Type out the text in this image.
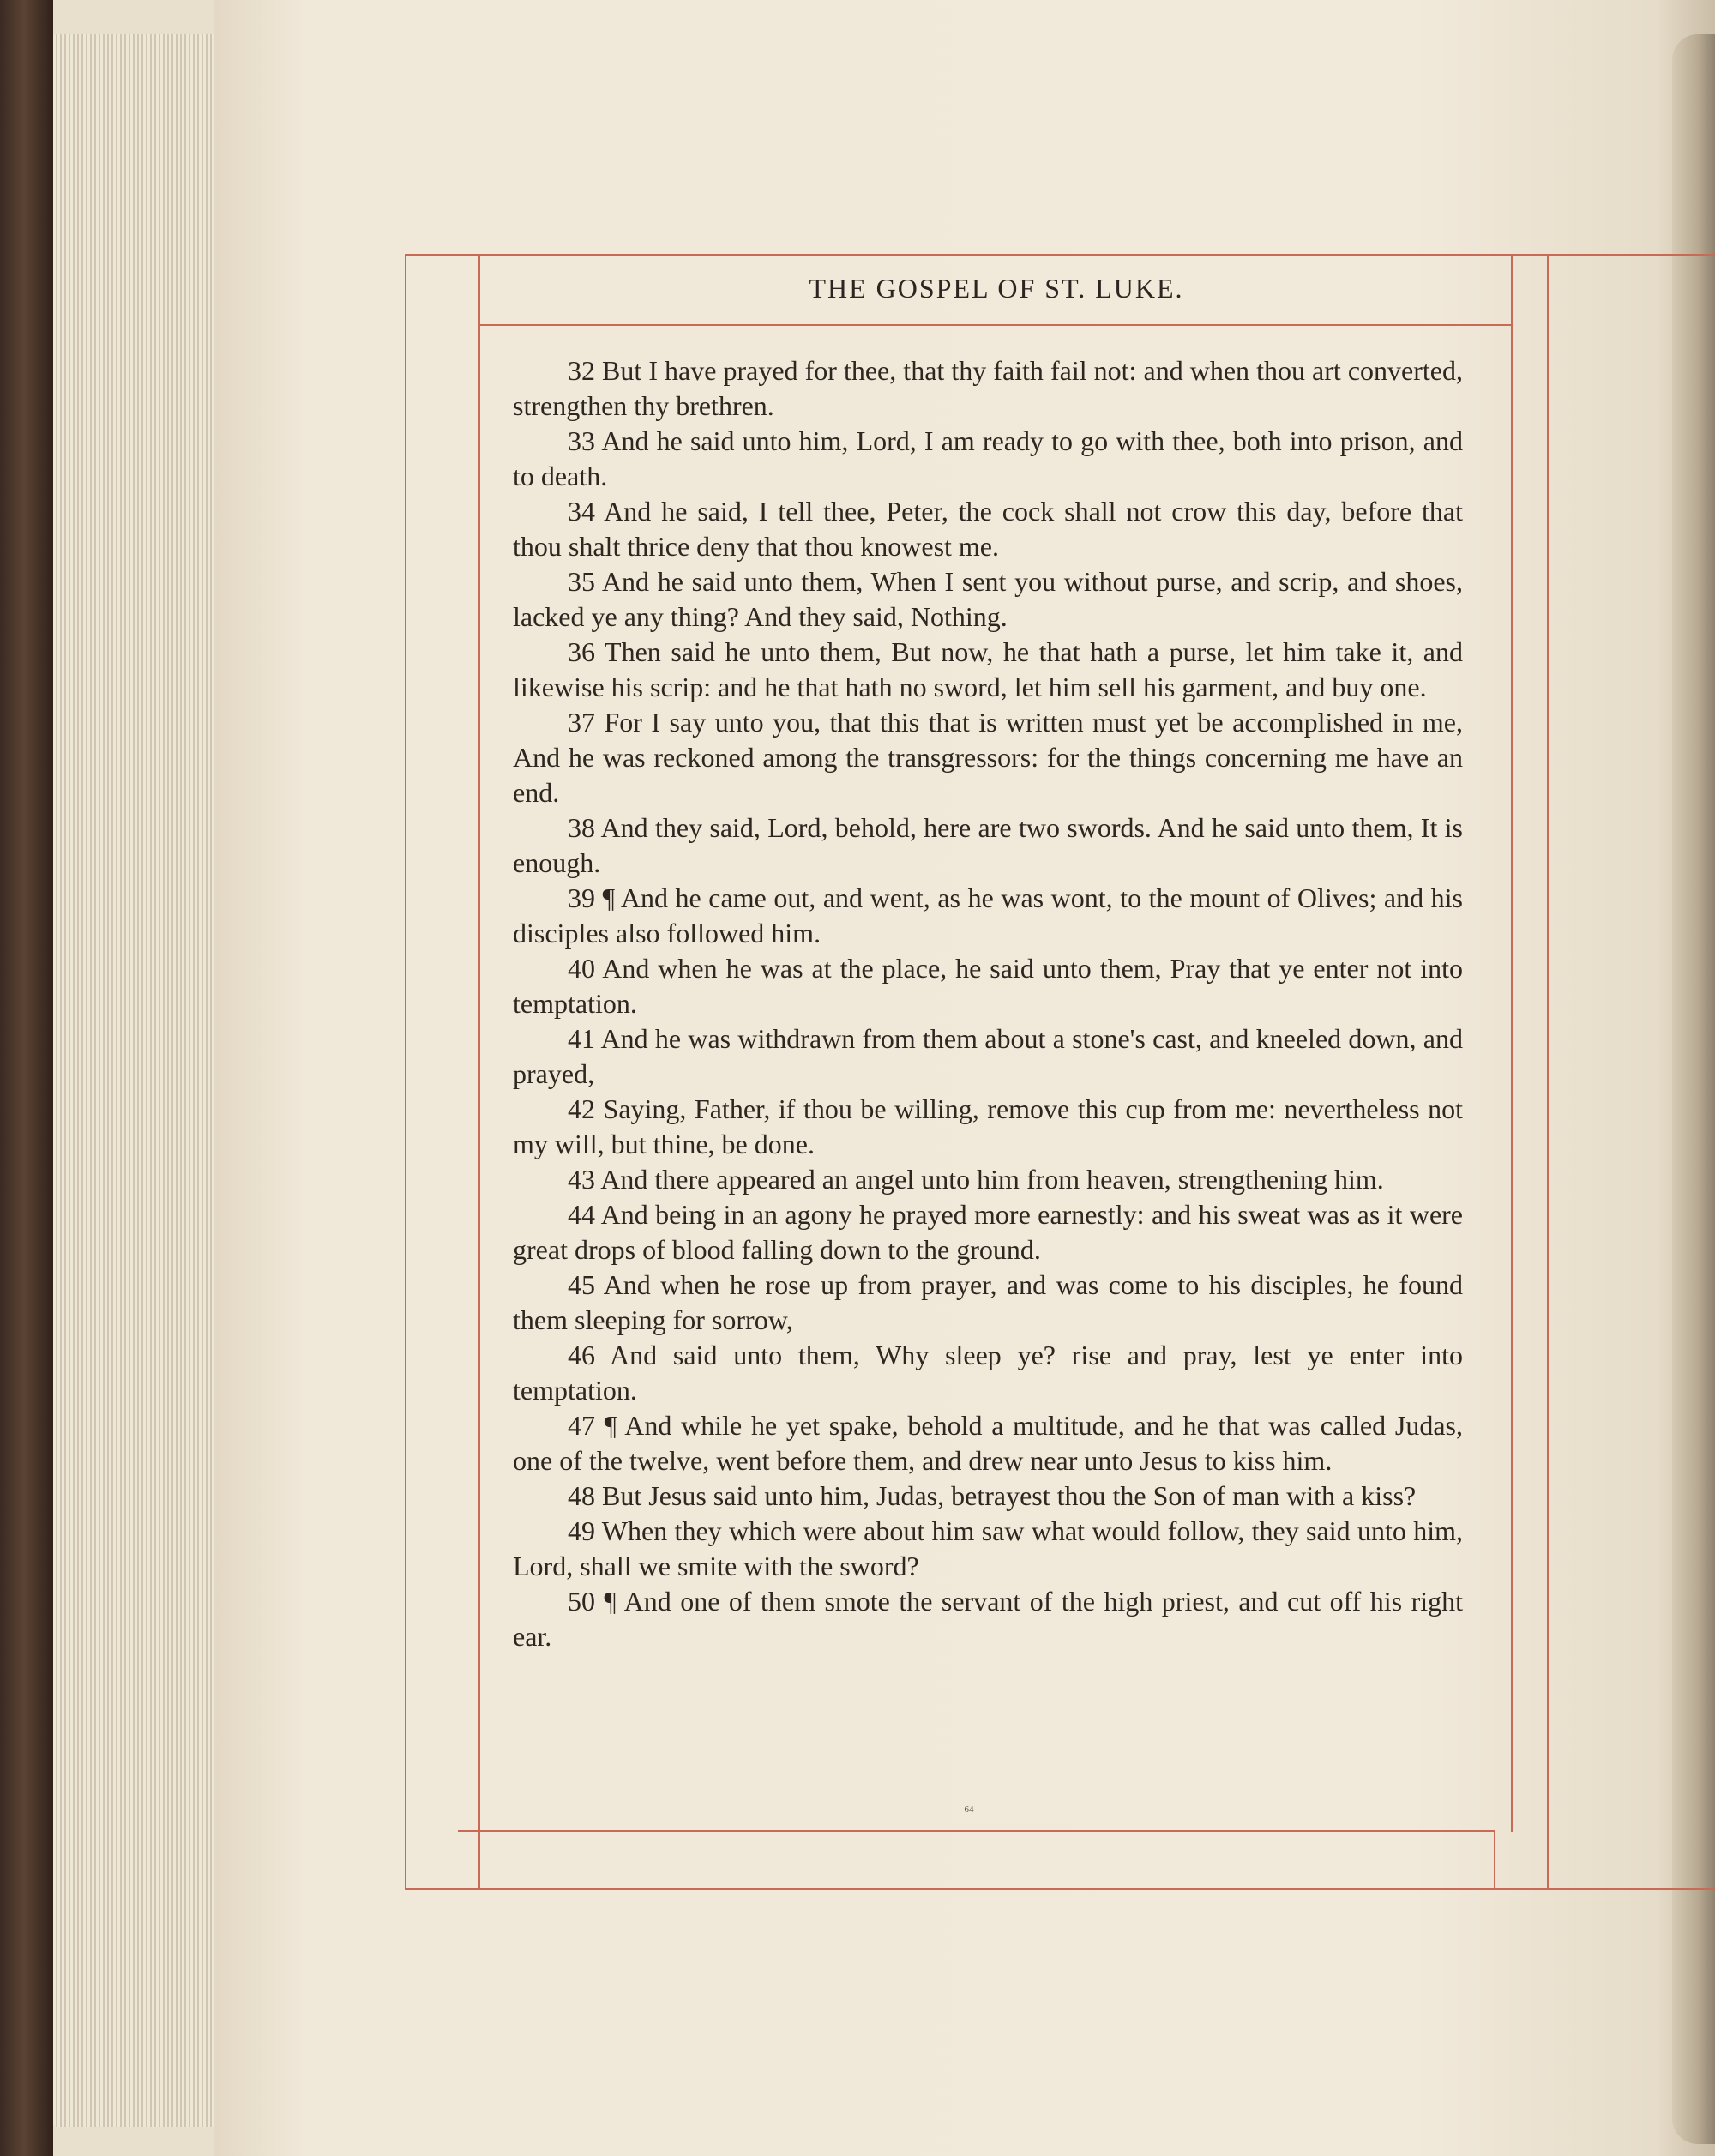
THE GOSPEL OF ST. LUKE.

32 But I have prayed for thee, that thy faith fail not: and when thou art converted, strengthen thy brethren.

33 And he said unto him, Lord, I am ready to go with thee, both into prison, and to death.

34 And he said, I tell thee, Peter, the cock shall not crow this day, before that thou shalt thrice deny that thou knowest me.

35 And he said unto them, When I sent you without purse, and scrip, and shoes, lacked ye any thing? And they said, Nothing.

36 Then said he unto them, But now, he that hath a purse, let him take it, and likewise his scrip: and he that hath no sword, let him sell his garment, and buy one.

37 For I say unto you, that this that is written must yet be accomplished in me, And he was reckoned among the transgressors: for the things concerning me have an end.

38 And they said, Lord, behold, here are two swords. And he said unto them, It is enough.

39 ¶ And he came out, and went, as he was wont, to the mount of Olives; and his disciples also followed him.

40 And when he was at the place, he said unto them, Pray that ye enter not into temptation.

41 And he was withdrawn from them about a stone's cast, and kneeled down, and prayed,

42 Saying, Father, if thou be willing, remove this cup from me: nevertheless not my will, but thine, be done.

43 And there appeared an angel unto him from heaven, strengthening him.

44 And being in an agony he prayed more earnestly: and his sweat was as it were great drops of blood falling down to the ground.

45 And when he rose up from prayer, and was come to his disciples, he found them sleeping for sorrow,

46 And said unto them, Why sleep ye? rise and pray, lest ye enter into temptation.

47 ¶ And while he yet spake, behold a multitude, and he that was called Judas, one of the twelve, went before them, and drew near unto Jesus to kiss him.

48 But Jesus said unto him, Judas, betrayest thou the Son of man with a kiss?

49 When they which were about him saw what would follow, they said unto him, Lord, shall we smite with the sword?

50 ¶ And one of them smote the servant of the high priest, and cut off his right ear.

64
